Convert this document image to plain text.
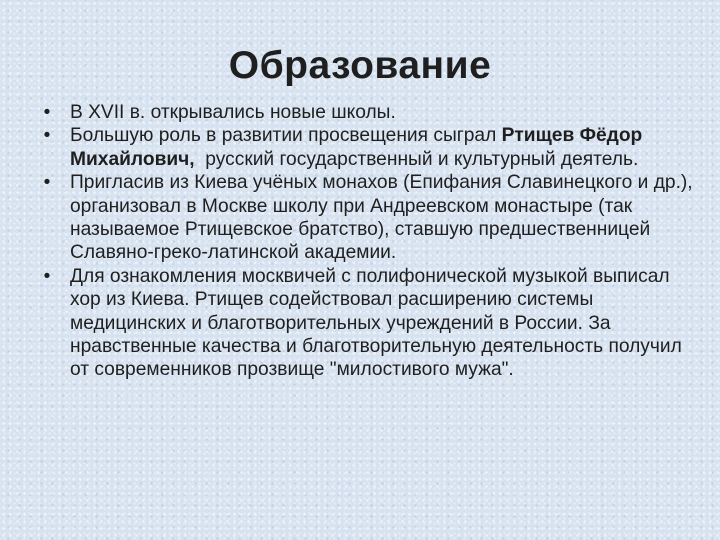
Образование
• В XVII в. открывались новые школы.
• Большую роль в развитии просвещения сыграл Ртищев Фёдор Михайлович,  русский государственный и культурный деятель.
• Пригласив из Киева учёных монахов (Епифания Славинецкого и др.), организовал в Москве школу при Андреевском монастыре (так называемое Ртищевское братство), ставшую предшественницей Славяно-греко-латинской академии.
• Для ознакомления москвичей с полифонической музыкой выписал хор из Киева. Ртищев содействовал расширению системы медицинских и благотворительных учреждений в России. За нравственные качества и благотворительную деятельность получил от современников прозвище "милостивого мужа".
